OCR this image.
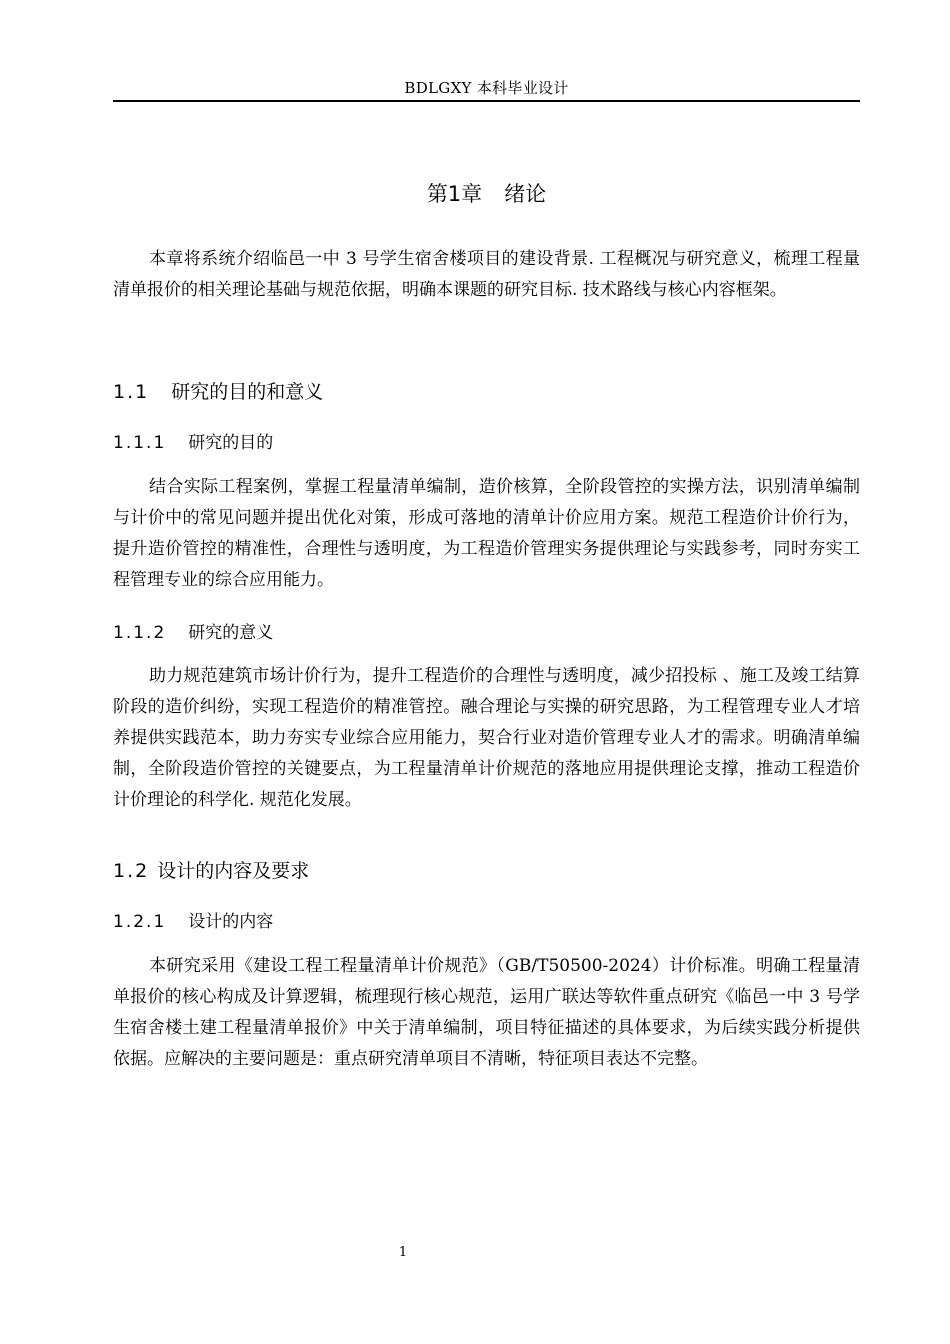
BDLGXY 本科毕业设计
第1章 绪论

本章将系统介绍临邑一中 3 号学生宿舍楼项目的建设背景. 工程概况与研究意义，梳理工程量清单报价的相关理论基础与规范依据，明确本课题的研究目标. 技术路线与核心内容框架。

1.1 研究的目的和意义
1.1.1 研究的目的

结合实际工程案例，掌握工程量清单编制，造价核算，全阶段管控的实操方法，识别清单编制与计价中的常见问题并提出优化对策，形成可落地的清单计价应用方案。规范工程造价计价行为，提升造价管控的精准性，合理性与透明度，为工程造价管理实务提供理论与实践参考，同时夯实工程管理专业的综合应用能力。

1.1.2 研究的意义

助力规范建筑市场计价行为，提升工程造价的合理性与透明度，减少招投标 、施工及竣工结算阶段的造价纠纷，实现工程造价的精准管控。融合理论与实操的研究思路，为工程管理专业人才培养提供实践范本，助力夯实专业综合应用能力，契合行业对造价管理专业人才的需求。明确清单编制，全阶段造价管控的关键要点，为工程量清单计价规范的落地应用提供理论支撑，推动工程造价计价理论的科学化. 规范化发展。

1.2 设计的内容及要求
1.2.1 设计的内容

本研究采用《建设工程工程量清单计价规范》（GB/T50500-2024）计价标准。明确工程量清单报价的核心构成及计算逻辑，梳理现行核心规范，运用广联达等软件重点研究《临邑一中 3 号学生宿舍楼土建工程量清单报价》中关于清单编制，项目特征描述的具体要求，为后续实践分析提供依据。应解决的主要问题是：重点研究清单项目不清晰，特征项目表达不完整。

1
